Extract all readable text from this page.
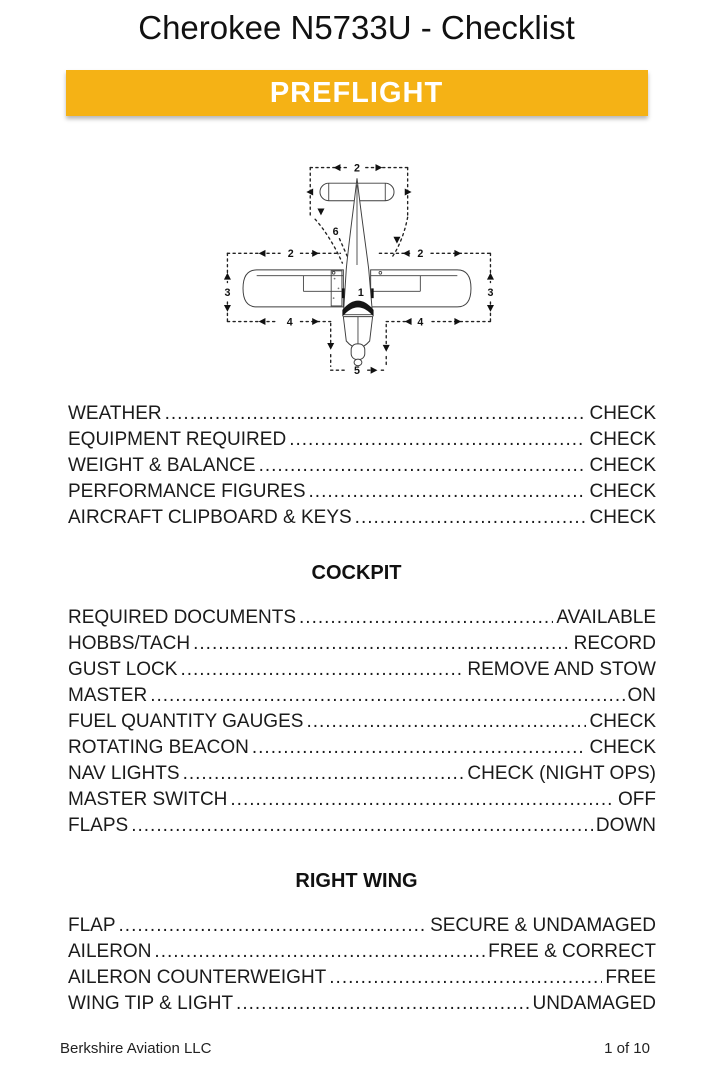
Cherokee N5733U - Checklist
PREFLIGHT
2
6
1
2	2
3	3
4	4
5
WEATHER .....	CHECK
EQUIPMENT REQUIRED .....	CHECK
WEIGHT & BALANCE .....	CHECK
PERFORMANCE FIGURES .....	CHECK
AIRCRAFT CLIPBOARD & KEYS .....	CHECK
COCKPIT
REQUIRED DOCUMENTS .....	AVAILABLE
HOBBS/TACH .....	RECORD
GUST LOCK .....	REMOVE AND STOW
MASTER .....	ON
FUEL QUANTITY GAUGES .....	CHECK
ROTATING BEACON .....	CHECK
NAV LIGHTS .....	CHECK (NIGHT OPS)
MASTER SWITCH .....	OFF
FLAPS .....	DOWN
RIGHT WING
FLAP .....	SECURE & UNDAMAGED
AILERON .....	FREE & CORRECT
AILERON COUNTERWEIGHT .....	FREE
WING TIP & LIGHT .....	UNDAMAGED
Berkshire Aviation LLC	1 of 10
